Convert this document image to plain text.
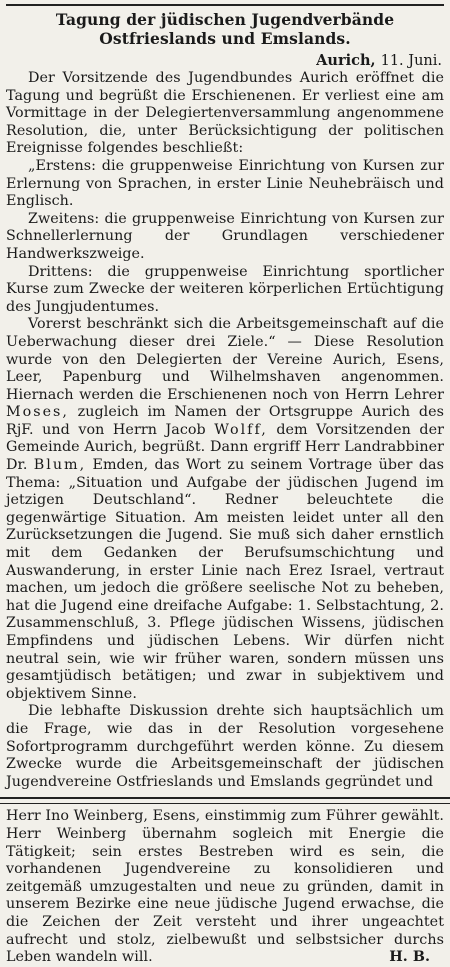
Tagung der jüdischen Jugendverbände Ostfrieslands und Emslands.
Aurich, 11. Juni.

Der Vorsitzende des Jugendbundes Aurich eröffnet die Tagung und begrüßt die Erschienenen. Er verliest eine am Vormittage in der Delegiertenversammlung angenommene Resolution, die, unter Berücksichtigung der politischen Ereignisse folgendes beschließt:

„Erstens: die gruppenweise Einrichtung von Kursen zur Erlernung von Sprachen, in erster Linie Neuhebräisch und Englisch.

Zweitens: die gruppenweise Einrichtung von Kursen zur Schnellerlernung der Grundlagen verschiedener Handwerkszweige.

Drittens: die gruppenweise Einrichtung sportlicher Kurse zum Zwecke der weiteren körperlichen Ertüchtigung des Jungjudentumes.

Vorerst beschränkt sich die Arbeitsgemeinschaft auf die Ueberwachung dieser drei Ziele.“ — Diese Resolution wurde von den Delegierten der Vereine Aurich, Esens, Leer, Papenburg und Wilhelmshaven angenommen. Hiernach werden die Erschienenen noch von Herrn Lehrer Moses, zugleich im Namen der Ortsgruppe Aurich des RjF. und von Herrn Jacob Wolff, dem Vorsitzenden der Gemeinde Aurich, begrüßt. Dann ergriff Herr Landrabbiner Dr. Blum, Emden, das Wort zu seinem Vortrage über das Thema: „Situation und Aufgabe der jüdischen Jugend im jetzigen Deutschland“. Redner beleuchtete die gegenwärtige Situation. Am meisten leidet unter all den Zurücksetzungen die Jugend. Sie muß sich daher ernstlich mit dem Gedanken der Berufsumschichtung und Auswanderung, in erster Linie nach Erez Israel, vertraut machen, um jedoch die größere seelische Not zu beheben, hat die Jugend eine dreifache Aufgabe: 1. Selbstachtung, 2. Zusammenschluß, 3. Pflege jüdischen Wissens, jüdischen Empfindens und jüdischen Lebens. Wir dürfen nicht neutral sein, wie wir früher waren, sondern müssen uns gesamtjüdisch betätigen; und zwar in subjektivem und objektivem Sinne.

Die lebhafte Diskussion drehte sich hauptsächlich um die Frage, wie das in der Resolution vorgesehene Sofortprogramm durchgeführt werden könne. Zu diesem Zwecke wurde die Arbeitsgemeinschaft der jüdischen Jugendvereine Ostfrieslands und Emslands gegründet und

Herr Ino Weinberg, Esens, einstimmig zum Führer gewählt. Herr Weinberg übernahm sogleich mit Energie die Tätigkeit; sein erstes Bestreben wird es sein, die vorhandenen Jugendvereine zu konsolidieren und zeitgemäß umzugestalten und neue zu gründen, damit in unserem Bezirke eine neue jüdische Jugend erwachse, die die Zeichen der Zeit versteht und ihrer ungeachtet aufrecht und stolz, zielbewußt und selbstsicher durchs Leben wandeln will.	H. B.
